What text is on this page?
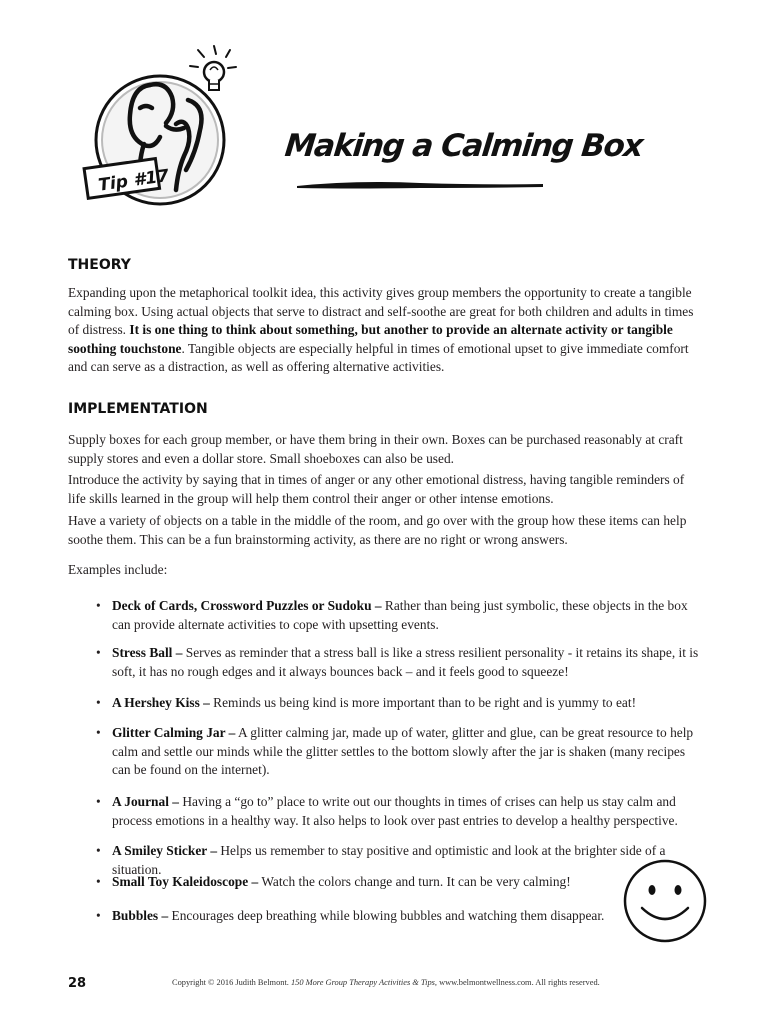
Tip #17
Making a Calming Box
THEORY
Expanding upon the metaphorical toolkit idea, this activity gives group members the opportunity to create a tangible calming box. Using actual objects that serve to distract and self-soothe are great for both children and adults in times of distress. It is one thing to think about something, but another to provide an alternate activity or tangible soothing touchstone. Tangible objects are especially helpful in times of emotional upset to give immediate comfort and can serve as a distraction, as well as offering alternative activities.
IMPLEMENTATION
Supply boxes for each group member, or have them bring in their own. Boxes can be purchased reasonably at craft supply stores and even a dollar store. Small shoeboxes can also be used.
Introduce the activity by saying that in times of anger or any other emotional distress, having tangible reminders of life skills learned in the group will help them control their anger or other intense emotions.
Have a variety of objects on a table in the middle of the room, and go over with the group how these items can help soothe them. This can be a fun brainstorming activity, as there are no right or wrong answers.
Examples include:
• Deck of Cards, Crossword Puzzles or Sudoku – Rather than being just symbolic, these objects in the box can provide alternate activities to cope with upsetting events.
• Stress Ball – Serves as reminder that a stress ball is like a stress resilient personality - it retains its shape, it is soft, it has no rough edges and it always bounces back – and it feels good to squeeze!
• A Hershey Kiss – Reminds us being kind is more important than to be right and is yummy to eat!
• Glitter Calming Jar – A glitter calming jar, made up of water, glitter and glue, can be great resource to help calm and settle our minds while the glitter settles to the bottom slowly after the jar is shaken (many recipes can be found on the internet).
• A Journal – Having a “go to” place to write out our thoughts in times of crises can help us stay calm and process emotions in a healthy way. It also helps to look over past entries to develop a healthy perspective.
• A Smiley Sticker – Helps us remember to stay positive and optimistic and look at the brighter side of a situation.
• Small Toy Kaleidoscope – Watch the colors change and turn. It can be very calming!
• Bubbles – Encourages deep breathing while blowing bubbles and watching them disappear.
28	Copyright © 2016 Judith Belmont. 150 More Group Therapy Activities & Tips, www.belmontwellness.com. All rights reserved.
